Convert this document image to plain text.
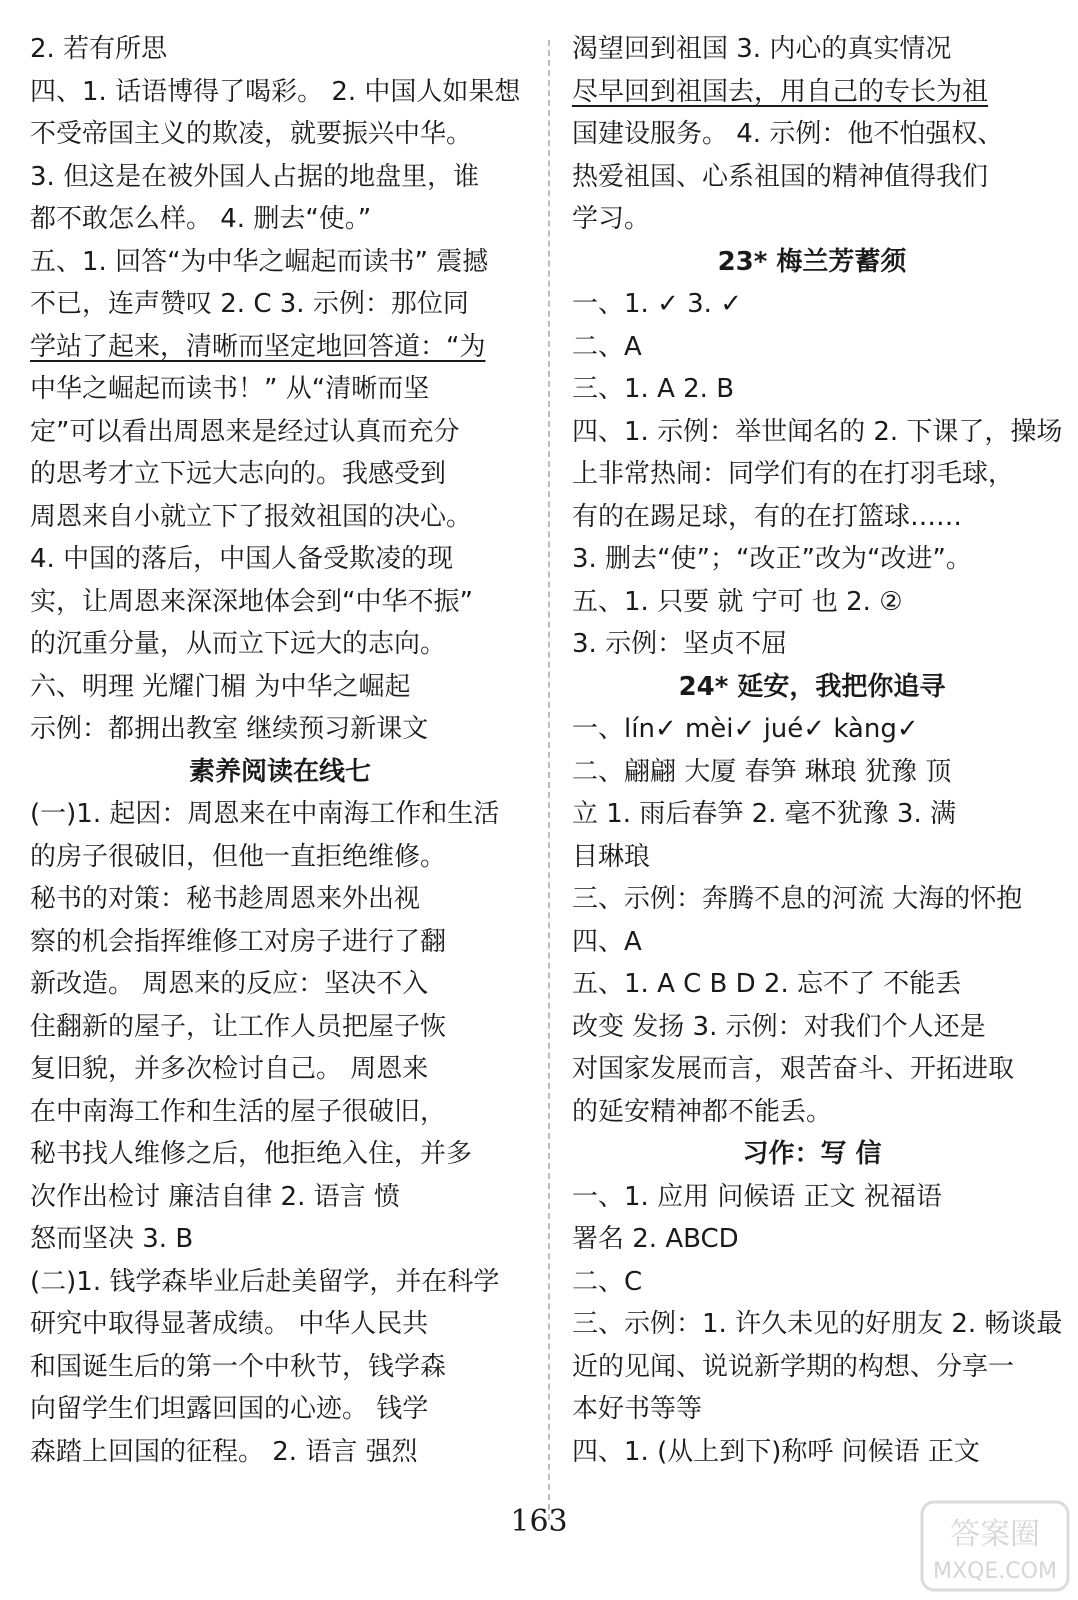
2. 若有所思
四、1. 话语博得了喝彩。 2. 中国人如果想
不受帝国主义的欺凌，就要振兴中华。
3. 但这是在被外国人占据的地盘里，谁
都不敢怎么样。 4. 删去“使。”
五、1. 回答“为中华之崛起而读书” 震撼
不已，连声赞叹 2. C 3. 示例：那位同
学站了起来，清晰而坚定地回答道：“为
中华之崛起而读书！” 从“清晰而坚
定”可以看出周恩来是经过认真而充分
的思考才立下远大志向的。我感受到
周恩来自小就立下了报效祖国的决心。
4. 中国的落后，中国人备受欺凌的现
实，让周恩来深深地体会到“中华不振”
的沉重分量，从而立下远大的志向。
六、明理 光耀门楣 为中华之崛起
示例：都拥出教室 继续预习新课文
素养阅读在线七
(一)1. 起因：周恩来在中南海工作和生活
的房子很破旧，但他一直拒绝维修。
秘书的对策：秘书趁周恩来外出视
察的机会指挥维修工对房子进行了翻
新改造。 周恩来的反应：坚决不入
住翻新的屋子，让工作人员把屋子恢
复旧貌，并多次检讨自己。 周恩来
在中南海工作和生活的屋子很破旧，
秘书找人维修之后，他拒绝入住，并多
次作出检讨 廉洁自律 2. 语言 愤
怒而坚决 3. B
(二)1. 钱学森毕业后赴美留学，并在科学
研究中取得显著成绩。 中华人民共
和国诞生后的第一个中秋节，钱学森
向留学生们坦露回国的心迹。 钱学
森踏上回国的征程。 2. 语言 强烈
渴望回到祖国 3. 内心的真实情况
尽早回到祖国去，用自己的专长为祖
国建设服务。 4. 示例：他不怕强权、
热爱祖国、心系祖国的精神值得我们
学习。
23* 梅兰芳蓄须
一、1. ✓ 3. ✓
二、A
三、1. A 2. B
四、1. 示例：举世闻名的 2. 下课了，操场
上非常热闹：同学们有的在打羽毛球，
有的在踢足球，有的在打篮球……
3. 删去“使”；“改正”改为“改进”。
五、1. 只要 就 宁可 也 2. ②
3. 示例：坚贞不屈
24* 延安，我把你追寻
一、lín✓ mèi✓ jué✓ kàng✓
二、翩翩 大厦 春笋 琳琅 犹豫 顶
立 1. 雨后春笋 2. 毫不犹豫 3. 满
目琳琅
三、示例：奔腾不息的河流 大海的怀抱
四、A
五、1. A C B D 2. 忘不了 不能丢
改变 发扬 3. 示例：对我们个人还是
对国家发展而言，艰苦奋斗、开拓进取
的延安精神都不能丢。
习作：写 信
一、1. 应用 问候语 正文 祝福语
署名 2. ABCD
二、C
三、示例：1. 许久未见的好朋友 2. 畅谈最
近的见闻、说说新学期的构想、分享一
本好书等等
四、1. (从上到下)称呼 问候语 正文
163	答案圈
MXQE.COM
